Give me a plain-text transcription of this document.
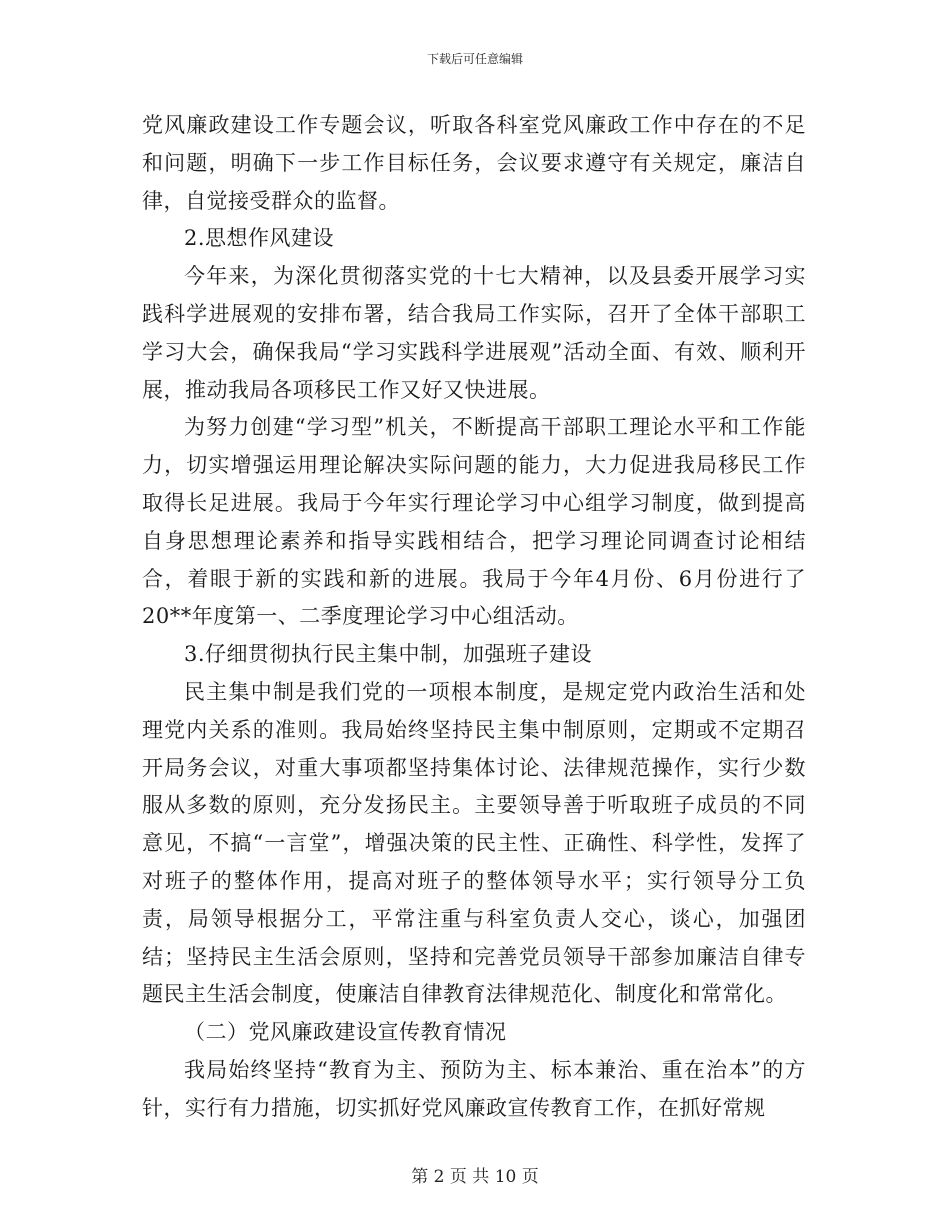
下载后可任意编辑

党风廉政建设工作专题会议，听取各科室党风廉政工作中存在的不足和问题，明确下一步工作目标任务，会议要求遵守有关规定，廉洁自律，自觉接受群众的监督。

2.思想作风建设

今年来，为深化贯彻落实党的十七大精神，以及县委开展学习实践科学进展观的安排布署，结合我局工作实际，召开了全体干部职工学习大会，确保我局“学习实践科学进展观”活动全面、有效、顺利开展，推动我局各项移民工作又好又快进展。

为努力创建“学习型”机关，不断提高干部职工理论水平和工作能力，切实增强运用理论解决实际问题的能力，大力促进我局移民工作取得长足进展。我局于今年实行理论学习中心组学习制度，做到提高自身思想理论素养和指导实践相结合，把学习理论同调查讨论相结合，着眼于新的实践和新的进展。我局于今年4月份、6月份进行了20**年度第一、二季度理论学习中心组活动。

3.仔细贯彻执行民主集中制，加强班子建设

民主集中制是我们党的一项根本制度，是规定党内政治生活和处理党内关系的准则。我局始终坚持民主集中制原则，定期或不定期召开局务会议，对重大事项都坚持集体讨论、法律规范操作，实行少数服从多数的原则，充分发扬民主。主要领导善于听取班子成员的不同意见，不搞“一言堂”，增强决策的民主性、正确性、科学性，发挥了对班子的整体作用，提高对班子的整体领导水平；实行领导分工负责，局领导根据分工，平常注重与科室负责人交心，谈心，加强团结；坚持民主生活会原则，坚持和完善党员领导干部参加廉洁自律专题民主生活会制度，使廉洁自律教育法律规范化、制度化和常常化。

（二）党风廉政建设宣传教育情况

我局始终坚持“教育为主、预防为主、标本兼治、重在治本”的方针，实行有力措施，切实抓好党风廉政宣传教育工作，在抓好常规

第 2 页 共 10 页
